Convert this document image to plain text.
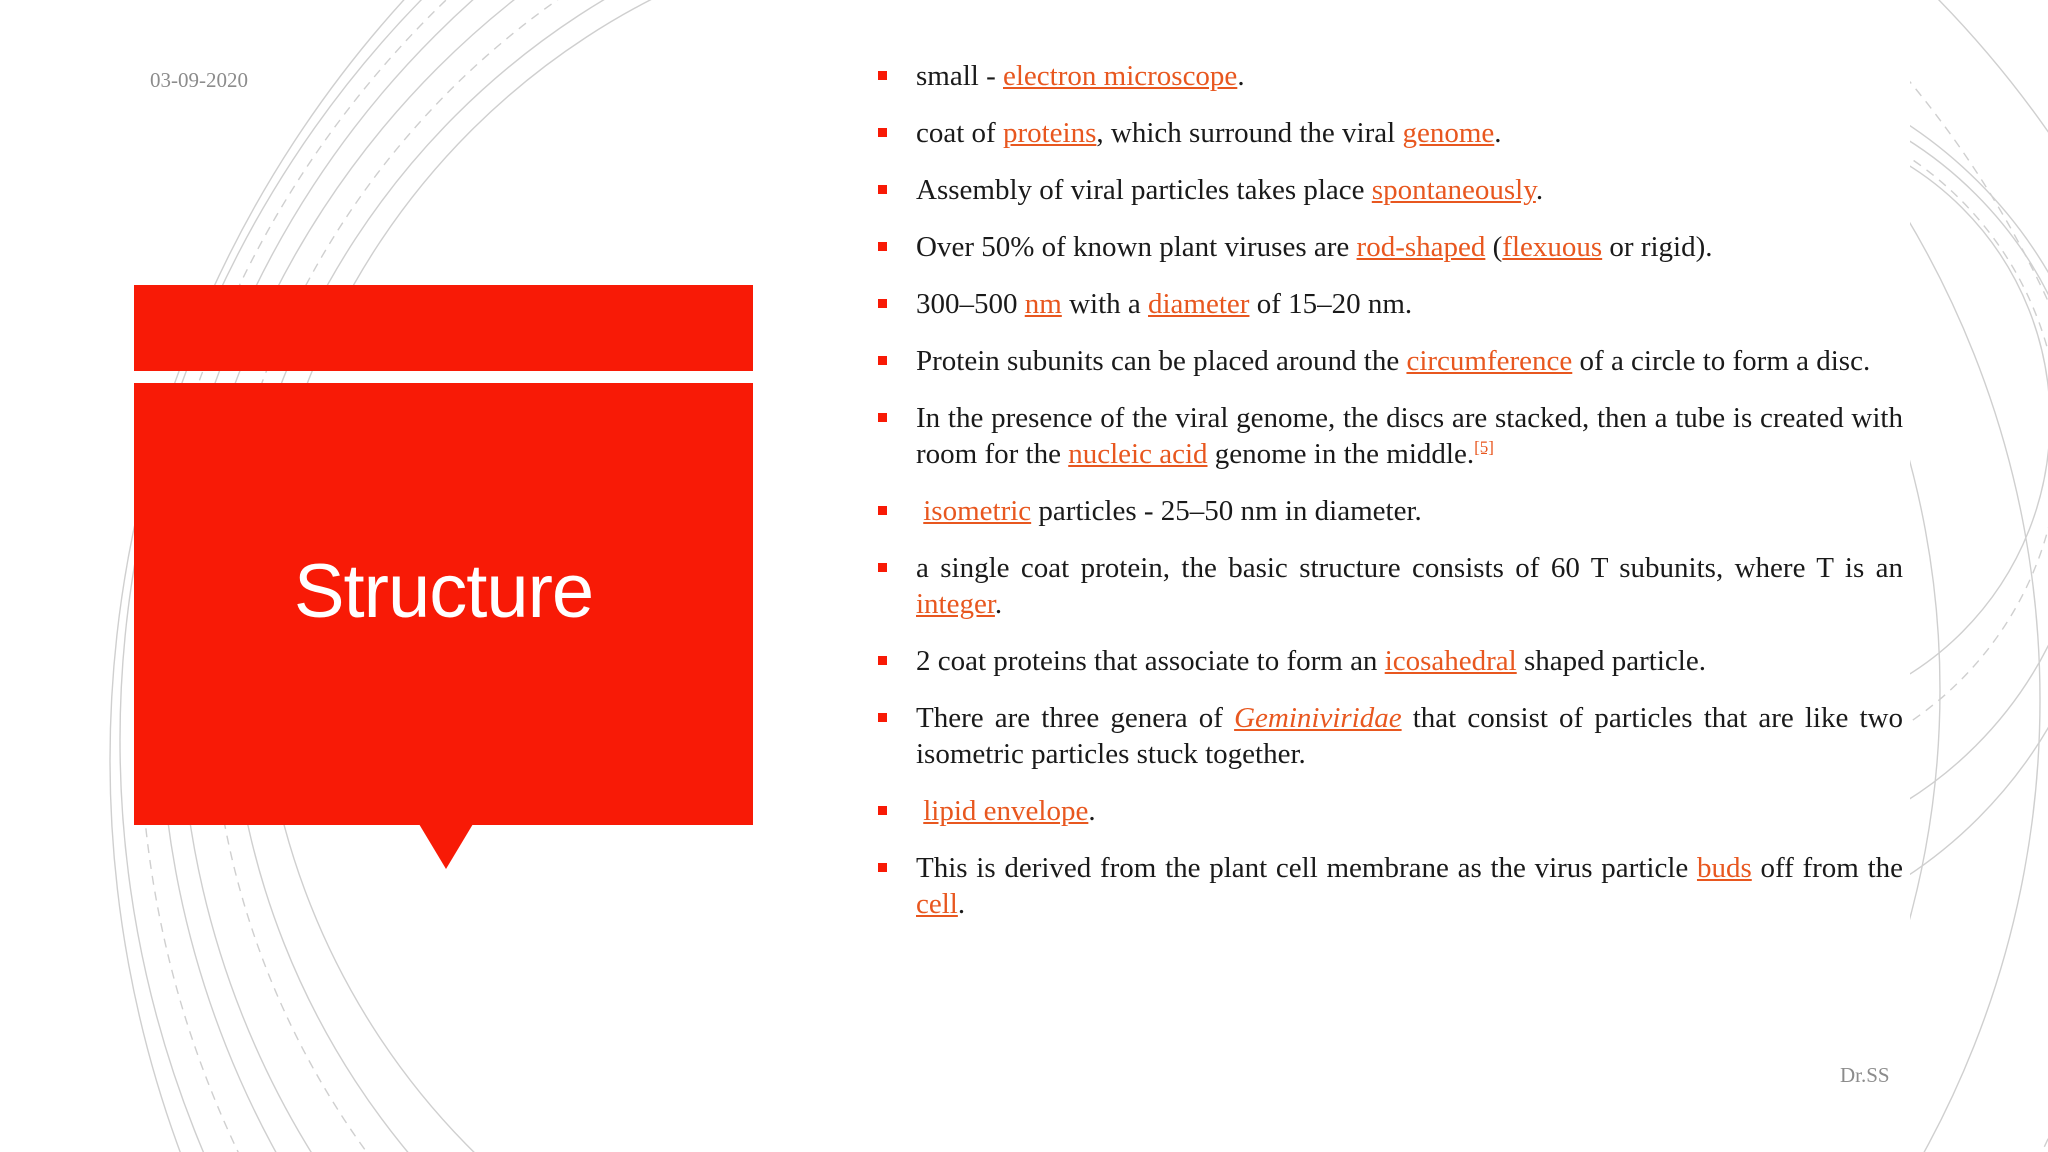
03-09-2020
Structure
small - electron microscope.
coat of proteins, which surround the viral genome.
Assembly of viral particles takes place spontaneously.
Over 50% of known plant viruses are rod-shaped (flexuous or rigid).
300–500 nm with a diameter of 15–20 nm.
Protein subunits can be placed around the circumference of a circle to form a disc.
In the presence of the viral genome, the discs are stacked, then a tube is created with room for the nucleic acid genome in the middle.[5]
isometric particles - 25–50 nm in diameter.
a single coat protein, the basic structure consists of 60 T subunits, where T is an integer.
2 coat proteins that associate to form an icosahedral shaped particle.
There are three genera of Geminiviridae that consist of particles that are like two isometric particles stuck together.
lipid envelope.
This is derived from the plant cell membrane as the virus particle buds off from the cell.
Dr.SS
